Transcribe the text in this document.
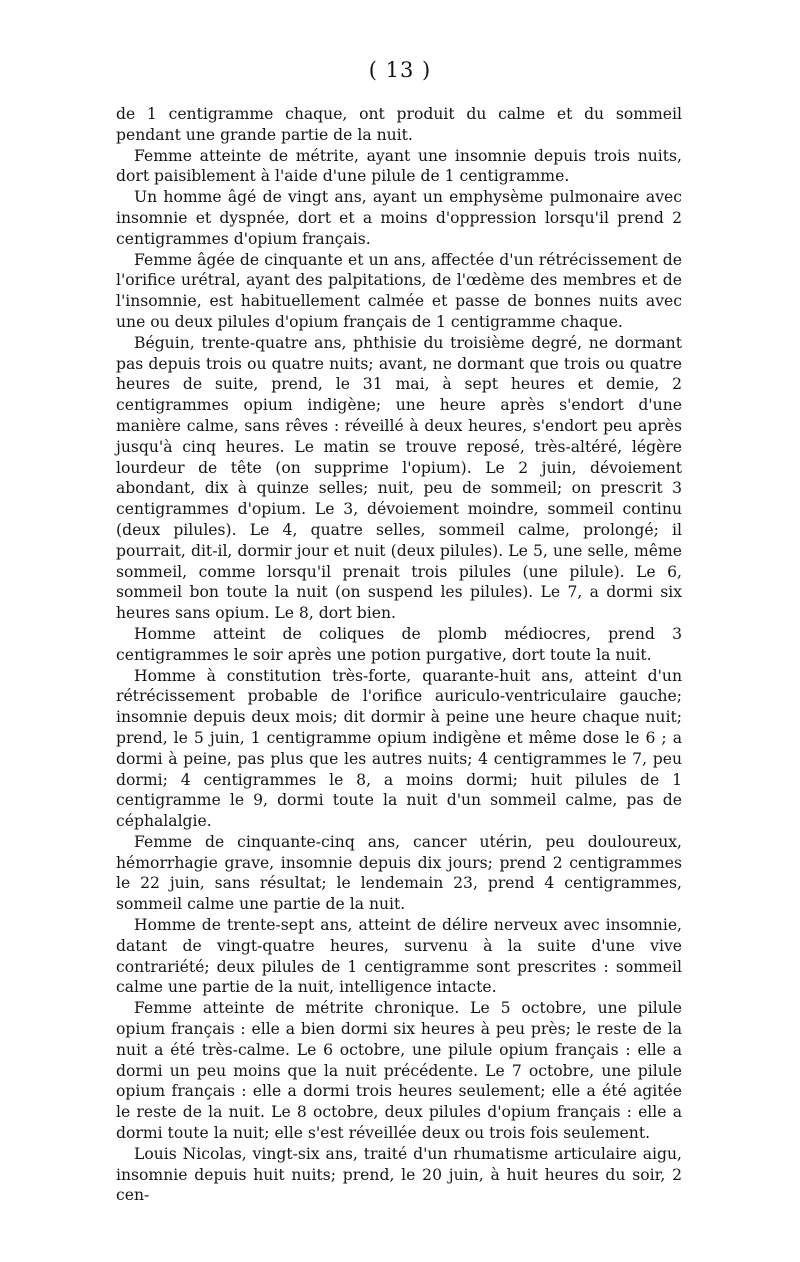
( 13 )

de 1 centigramme chaque, ont produit du calme et du sommeil pendant une grande partie de la nuit.

Femme atteinte de métrite, ayant une insomnie depuis trois nuits, dort paisiblement à l'aide d'une pilule de 1 centigramme.

Un homme âgé de vingt ans, ayant un emphysème pulmonaire avec insomnie et dyspnée, dort et a moins d'oppression lorsqu'il prend 2 centigrammes d'opium français.

Femme âgée de cinquante et un ans, affectée d'un rétrécissement de l'orifice urétral, ayant des palpitations, de l'œdème des membres et de l'insomnie, est habituellement calmée et passe de bonnes nuits avec une ou deux pilules d'opium français de 1 centigramme chaque.

Béguin, trente-quatre ans, phthisie du troisième degré, ne dormant pas depuis trois ou quatre nuits; avant, ne dormant que trois ou quatre heures de suite, prend, le 31 mai, à sept heures et demie, 2 centigrammes opium indigène; une heure après s'endort d'une manière calme, sans rêves : réveillé à deux heures, s'endort peu après jusqu'à cinq heures. Le matin se trouve reposé, très-altéré, légère lourdeur de tête (on supprime l'opium). Le 2 juin, dévoiement abondant, dix à quinze selles; nuit, peu de sommeil; on prescrit 3 centigrammes d'opium. Le 3, dévoiement moindre, sommeil continu (deux pilules). Le 4, quatre selles, sommeil calme, prolongé; il pourrait, dit-il, dormir jour et nuit (deux pilules). Le 5, une selle, même sommeil, comme lorsqu'il prenait trois pilules (une pilule). Le 6, sommeil bon toute la nuit (on suspend les pilules). Le 7, a dormi six heures sans opium. Le 8, dort bien.

Homme atteint de coliques de plomb médiocres, prend 3 centigrammes le soir après une potion purgative, dort toute la nuit.

Homme à constitution très-forte, quarante-huit ans, atteint d'un rétrécissement probable de l'orifice auriculo-ventriculaire gauche; insomnie depuis deux mois; dit dormir à peine une heure chaque nuit; prend, le 5 juin, 1 centigramme opium indigène et même dose le 6 ; a dormi à peine, pas plus que les autres nuits; 4 centigrammes le 7, peu dormi; 4 centigrammes le 8, a moins dormi; huit pilules de 1 centigramme le 9, dormi toute la nuit d'un sommeil calme, pas de céphalalgie.

Femme de cinquante-cinq ans, cancer utérin, peu douloureux, hémorrhagie grave, insomnie depuis dix jours; prend 2 centigrammes le 22 juin, sans résultat; le lendemain 23, prend 4 centigrammes, sommeil calme une partie de la nuit.

Homme de trente-sept ans, atteint de délire nerveux avec insomnie, datant de vingt-quatre heures, survenu à la suite d'une vive contrariété; deux pilules de 1 centigramme sont prescrites : sommeil calme une partie de la nuit, intelligence intacte.

Femme atteinte de métrite chronique. Le 5 octobre, une pilule opium français : elle a bien dormi six heures à peu près; le reste de la nuit a été très-calme. Le 6 octobre, une pilule opium français : elle a dormi un peu moins que la nuit précédente. Le 7 octobre, une pilule opium français : elle a dormi trois heures seulement; elle a été agitée le reste de la nuit. Le 8 octobre, deux pilules d'opium français : elle a dormi toute la nuit; elle s'est réveillée deux ou trois fois seulement.

Louis Nicolas, vingt-six ans, traité d'un rhumatisme articulaire aigu, insomnie depuis huit nuits; prend, le 20 juin, à huit heures du soir, 2 cen-
